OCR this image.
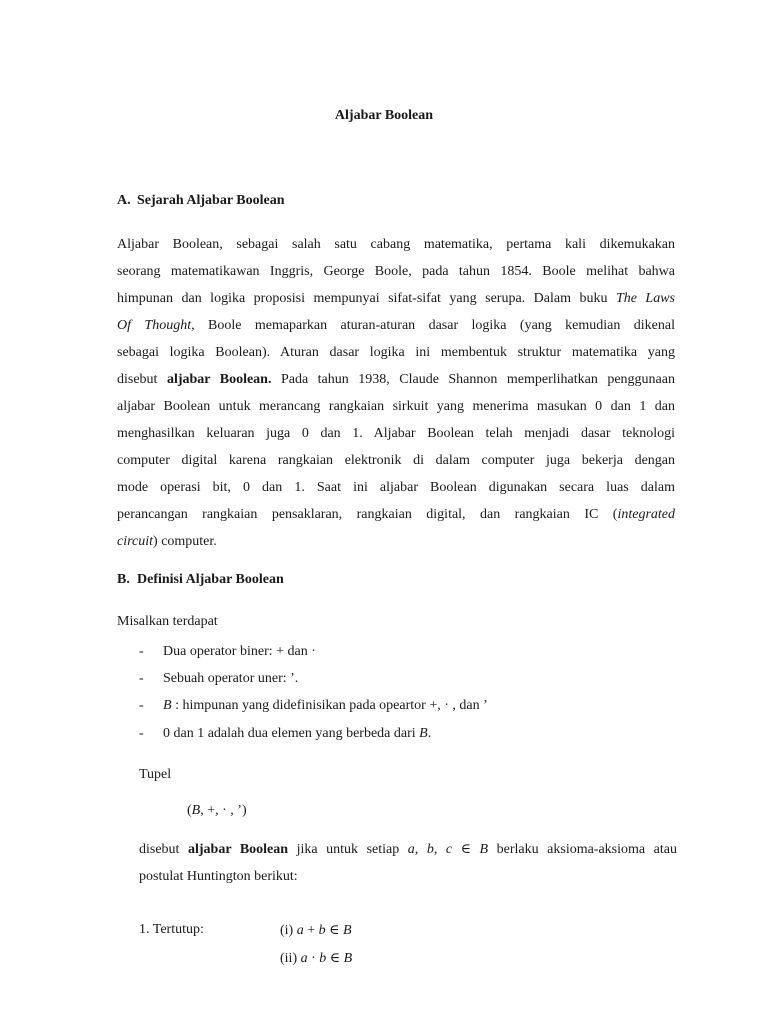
Aljabar Boolean
A. Sejarah Aljabar Boolean
Aljabar Boolean, sebagai salah satu cabang matematika, pertama kali dikemukakan
seorang matematikawan Inggris, George Boole, pada tahun 1854. Boole melihat bahwa
himpunan dan logika proposisi mempunyai sifat-sifat yang serupa. Dalam buku The Laws
Of Thought, Boole memaparkan aturan-aturan dasar logika (yang kemudian dikenal
sebagai logika Boolean). Aturan dasar logika ini membentuk struktur matematika yang
disebut aljabar Boolean. Pada tahun 1938, Claude Shannon memperlihatkan penggunaan
aljabar Boolean untuk merancang rangkaian sirkuit yang menerima masukan 0 dan 1 dan
menghasilkan keluaran juga 0 dan 1. Aljabar Boolean telah menjadi dasar teknologi
computer digital karena rangkaian elektronik di dalam computer juga bekerja dengan
mode operasi bit, 0 dan 1. Saat ini aljabar Boolean digunakan secara luas dalam
perancangan rangkaian pensaklaran, rangkaian digital, dan rangkaian IC (integrated
circuit) computer.
B. Definisi Aljabar Boolean
Misalkan terdapat
- Dua operator biner: + dan ·
- Sebuah operator uner: ’.
- B : himpunan yang didefinisikan pada opeartor +, · , dan ’
- 0 dan 1 adalah dua elemen yang berbeda dari B.
Tupel
(B, +, · , ’)
disebut aljabar Boolean jika untuk setiap a, b, c ∈ B berlaku aksioma-aksioma atau
postulat Huntington berikut:
1. Tertutup:	(i) a + b ∈ B
(ii) a · b ∈ B
